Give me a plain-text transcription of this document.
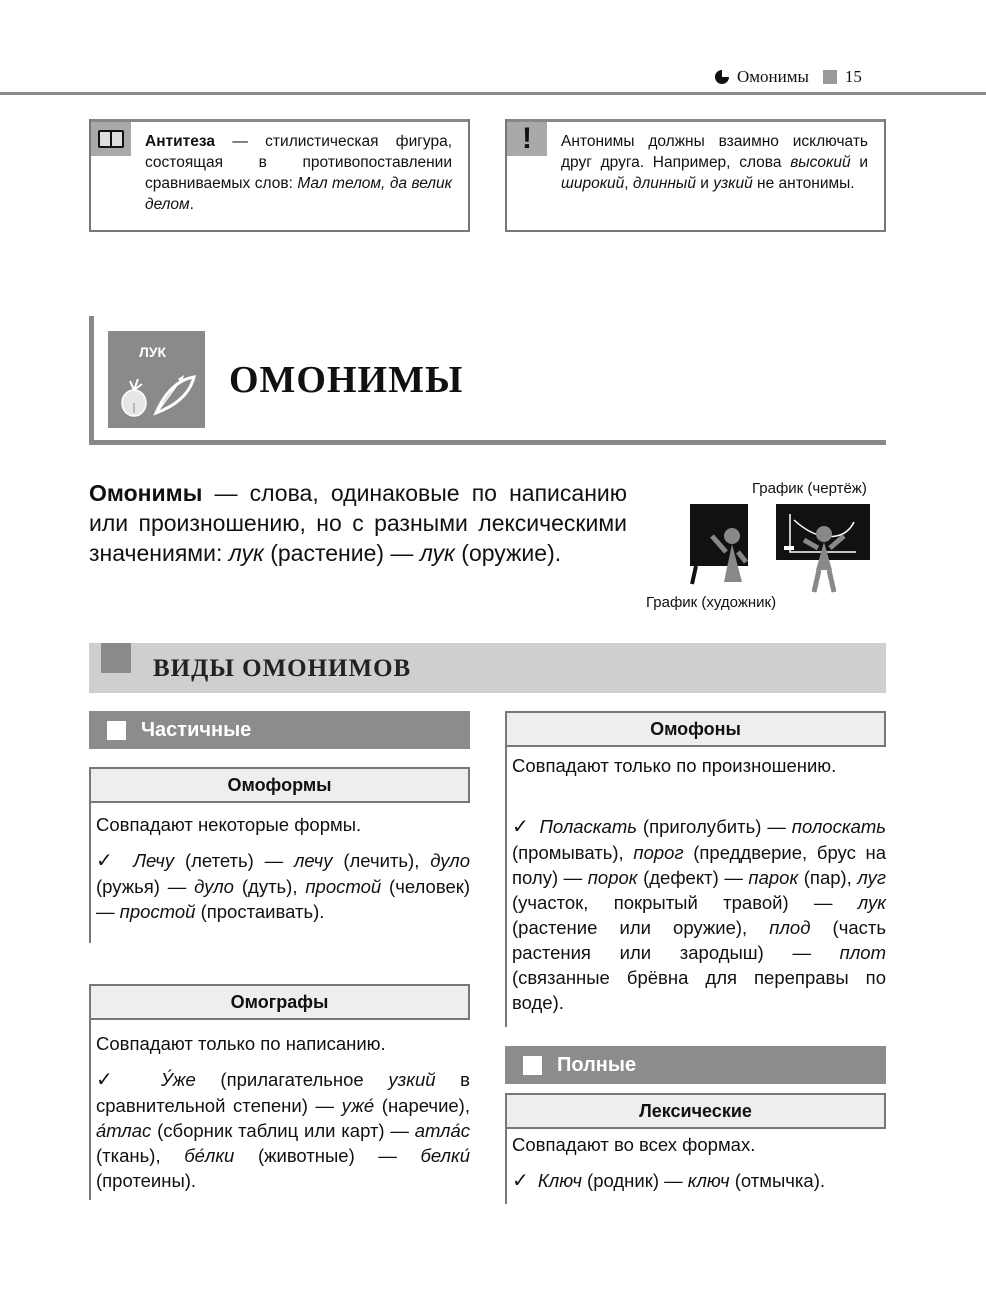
Омонимы 15
Антитеза — стилистическая фигура, состоящая в противопоставлении сравниваемых слов: Мал телом, да велик делом.
! Антонимы должны взаимно исключать друг друга. Например, слова высокий и широкий, длинный и узкий не антонимы.
ЛУК
ОМОНИМЫ
Омонимы — слова, одинаковые по написанию или произношению, но с разными лексическими значениями: лук (растение) — лук (оружие).
График (чертёж)
График (художник)
ВИДЫ ОМОНИМОВ
Частичные
Омоформы
Совпадают некоторые формы.
✓ Лечу (лететь) — лечу (лечить), дуло (ружья) — дуло (дуть), простой (человек) — простой (простаивать).
Омографы
Совпадают только по написанию.
✓ У́же (прилагательное узкий в сравнительной степени) — уже́ (наречие), а́тлас (сборник таблиц или карт) — атла́с (ткань), бе́лки (животные) — белки́ (протеины).
Омофоны
Совпадают только по произношению.
✓ Поласкать (приголубить) — полоскать (промывать), порог (преддверие, брус на полу) — порок (дефект) — парок (пар), луг (участок, покрытый травой) — лук (растение или оружие), плод (часть растения или зародыш) — плот (связанные брёвна для переправы по воде).
Полные
Лексические
Совпадают во всех формах.
✓ Ключ (родник) — ключ (отмычка).
